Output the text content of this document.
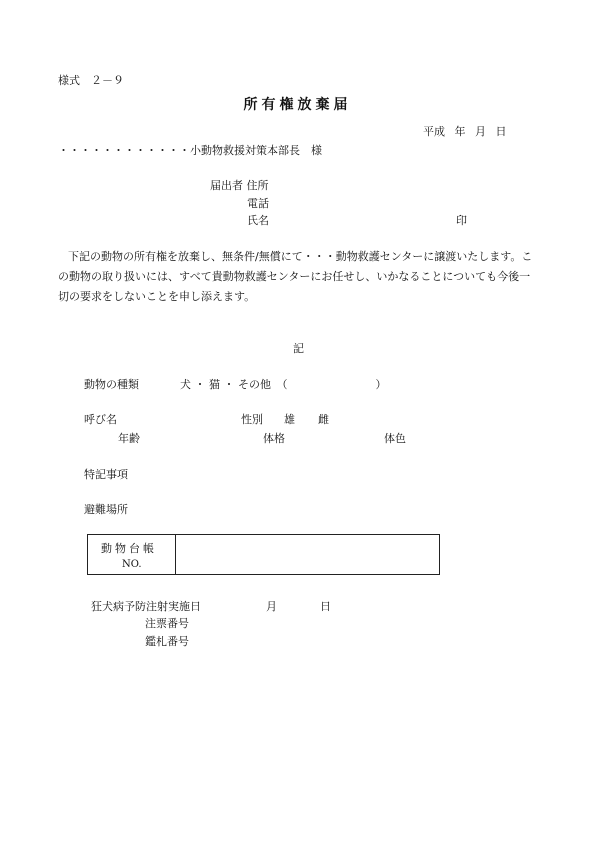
様式　２－９
所有権放棄届
平成 年 月 日
・・・・・・・・・・・・小動物救援対策本部長　様
届出者 住所
電話
氏名	印
下記の動物の所有権を放棄し、無条件/無償にて・・・動物救護センターに譲渡いたします。この動物の取り扱いには、すべて貴動物救護センターにお任せし、いかなることについても今後一切の要求をしないことを申し添えます。
記
動物の種類	犬 ・ 猫 ・ その他　（　　　　　　　　）
呼び名	性別 雄 雌
年齢	体格	体色
特記事項
避難場所
動物台帳
NO.
狂犬病予防注射実施日	月	日
注票番号
鑑札番号
